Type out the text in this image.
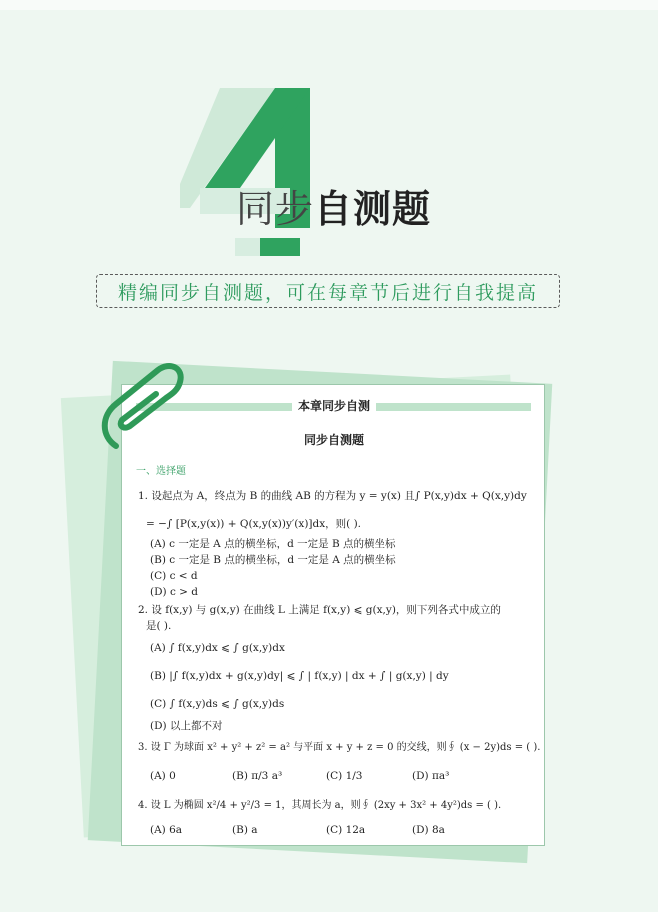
同步自测题
精编同步自测题，可在每章节后进行自我提高
本章同步自测
同步自测题
一、选择题
1. 设起点为 A，终点为 B 的曲线 AB 的方程为 y = y(x) 且∫ P(x,y)dx + Q(x,y)dy
= −∫ [P(x,y(x)) + Q(x,y(x))y′(x)]dx，则( ).
(A) c 一定是 A 点的横坐标，d 一定是 B 点的横坐标
(B) c 一定是 B 点的横坐标，d 一定是 A 点的横坐标
(C) c < d
(D) c > d
2. 设 f(x,y) 与 g(x,y) 在曲线 L 上满足 f(x,y) ⩽ g(x,y)，则下列各式中成立的
是( ).
(A) ∫ f(x,y)dx ⩽ ∫ g(x,y)dx
(B) |∫ f(x,y)dx + g(x,y)dy| ⩽ ∫ | f(x,y) | dx + ∫ | g(x,y) | dy
(C) ∫ f(x,y)ds ⩽ ∫ g(x,y)ds
(D) 以上都不对
3. 设 Γ 为球面 x² + y² + z² = a² 与平面 x + y + z = 0 的交线，则∮ (x − 2y)ds = ( ).
(A) 0	(B) π/3 a³	(C) 1/3	(D) πa³
4. 设 L 为椭圆 x²/4 + y²/3 = 1，其周长为 a，则∮ (2xy + 3x² + 4y²)ds = ( ).
(A) 6a	(B) a	(C) 12a	(D) 8a
